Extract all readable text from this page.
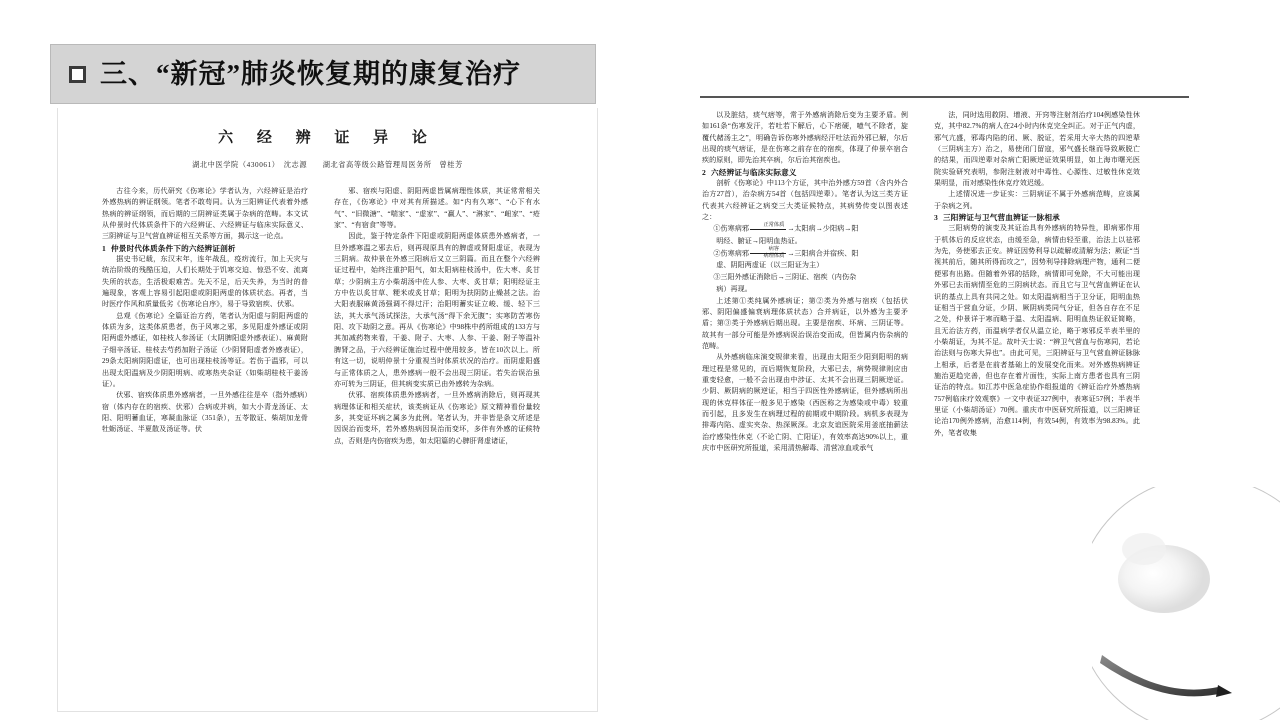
三、“新冠”肺炎恢复期的康复治疗
六 经 辨 证 异 论
湖北中医学院（430061）　沈志源　　湖北省高等级公路管理局医务所　曾桂芳

古往今来，历代研究《伤寒论》学者认为，六经辨证是治疗外感热病的辨证纲领。笔者不敢苟同。认为三阳辨证代表着外感热病的辨证纲领，而后期的三阴辨证类属于杂病的范畴。本文试从仲景时代体质条件下的六经辨证、六经辨证与临床实际意义、三阴辨证与卫气营血辨证相互关系等方面，揭示这一论点。

1 仲景时代体质条件下的六经辨证剖析

据史书记载，东汉末年，连年战乱，疫疠流行，加上天灾与统治阶级的残酷压迫，人们长期处于饥寒交迫、惊恐不安、流离失所的状态，生活极艰难苦。先天不足，后天失养，为当时的普遍现象，客观上容易引起阳虚或阴阳两虚的体质状态。再者，当时医疗作风和质量低劣《伤寒论自序》，易于导致宿疾、伏邪。

总观《伤寒论》全篇证治方药，笔者认为阳虚与阴阳两虚的体质为多，这类体质患者，伤于风寒之邪，多见阳虚外感证或阴阳两虚外感证，如桂枝人参汤证（太阴脾阳虚外感表证）、麻黄附子细辛汤证、桂枝去芍药加附子汤证（少阴肾阳虚者外感表证），29条太阳病阴阳虚证，也可出现桂枝汤等证。若伤于温邪，可以出现太阳温病及少阴阳明病、或寒热夹杂证（如柴胡桂枝干姜汤证）。

伏邪、宿疾体质患外感病者，一旦外感往往是卒（指外感病）宿（体内存在的宿疾、伏邪）合病或并病，如大小青龙汤证、太阳、阳明蓄血证，寒凝血脉证（351条），五苓散证、柴胡加龙骨牡蛎汤证、半夏散及汤证等。伏

邪、宿疾与阳虚、阴阳两虚皆属病理性体质，其证常常相关存在，《伤寒论》中对其有所描述。如“内有久寒”、“心下有水气”、“旧微溏”、“喘家”、“虚家”、“羸人”、“淋家”、“衄家”、“疮家”、“有宿食”等等。

因此，鉴于特定条件下阳虚或阴阳两虚体质患外感病者，一旦外感寒温之邪去后，则再现原具有的脾虚或肾阳虚证，表现为三阴病。故仲景在外感三阳病后又立三阴篇。而且在整个六经辨证过程中，始终注重护阳气，如太阳病桂枝汤中，佐大枣、炙甘草；少阴病主方小柴胡汤中佐人参、大枣、炙甘草；阳明经证主方中佐以炙甘草、粳米或炙甘草；阳明为扶阴防止燥甚之法。治大阳表服麻黄汤强调不得过汗；治阳明蓄实证立峻、缓、轻下三法，其大承气汤试探法，大承气汤“得下余无腹”；实寒防苦寒伤阳、攻下劫阴之意。再从《伤寒论》中98株中药所组成的133方与其加减药物来看，干姜、附子、大枣、人参、干姜、附子等温补脾肾之品，于六经辨证施治过程中使用较多，皆在10次以上。所有这一切，说明仲景十分重视当时体质状况的治疗。而阴虚阳盛与正常体质之人，患外感病一般不会出现三阴证。若失治误治虽亦可转为三阴证，但其病变实质已由外感转为杂病。

伏邪、宿疾体质患外感病者，一旦外感病消除后，则再现其病理体证和相关症状，该类病证从《伤寒论》原文精神看份量较多，其变证坏病之属多为此例。笔者认为，并非皆是条文所述是因误治而变坏，若外感热病因误治而变坏，多伴有外感的证候特点，否则是内伤宿疾为患，如太阳篇的心脾肝肾虚诸证，

以及脏结，痰气痞等，常于外感病消除后变为主要矛盾。例如161条“伤寒发汗，若吐若下解后，心下痞硬，噫气不除者，旋覆代赭汤主之”，明确告诉伤寒外感病经汗吐法而外邪已解，尔后出现的痰气痞证，是在伤寒之前存在的宿疾，体现了仲景卒宿合疾的原则，即先治其卒病，尔后治其宿疾也。

2 六经辨证与临床实际意义

剖析《伤寒论》中113个方证，其中治外感方59首（含内外合治方27首），治杂病方54首（包括四逆辈）。笔者认为这三类方证代表其六经辨证之病变三大类证候特点，其病势传变以图表述之：

①伤寒病邪
正常体质

→ 太阳病→少阳病→阳

明经、腑证→阳明血热证。

②伤寒病邪 $\frac{\text{病客}}{\text{病理体质}}$ → 三阳病合并宿疾、阳

虚、阴阳两虚证（以三阳证为主）

③三阳外感证消除后→三阴证、宿疾（内伤杂

病）再现。

上述第①类纯属外感病证；第②类为外感与宿疾（包括伏邪、阴阳偏盛偏衰病理体质状态）合并病证，以外感为主要矛盾；第③类于外感病后期出现。主要是宿疾、坏病、三阴证等。故其有一部分可能是外感病误治误治变而成，但皆属内伤杂病的范畴。

从外感病临床演变规律来看，出现由太阳至少阳到阳明的病理过程是常见的，而后期恢复阶段，大邪已去，病势规律则应由重变轻愈，一般不会出现由中涉证、太其不会出现三阴厥逆证。少阴、厥阴病的厥逆证，相当于四医性外感病证，但外感病所出现的休克样体征一般多见于感染（西医称之为感染或中毒）较重而引起，且多发生在病理过程的前期或中期阶段。病机多表现为排毒内陷、虚实夹杂、热深厥深。北京友谊医院采用釜底抽薪法治疗感染性休克（不论亡阴、亡阳证），有效率高达90%以上，重庆市中医研究所报道，采用清热解毒、清营凉血或承气

法，同时选用救阴、增液、开窍等注射剂治疗104例感染性休克，其中82.7%的病人在24小时内休克完全纠正。对于正气内虚，邪气亢盛，邪毒内陷的闭、厥、脱证，若采用大辛大热的四逆辈（三阴病主方）治之，易使闭门留寇，邪气盛长继而导致厥脱亡的结果，而四逆辈对杂病亡阳厥逆证效果明显，如上海市曙光医院实验研究表明，参附注射液对中毒性、心源性、过敏性休克效果明显，而对感染性休克疗效迟缓。

上述情况进一步证实：三阴病证不属于外感病范畴，应该属于杂病之列。

3 三阳辨证与卫气营血辨证一脉相承

三阳病势的演变及其证治具有外感病的特异性，即病邪作用于机体后的反应状态，由缓至急，病情由轻至重，治法上以祛邪为先，务使邪去正安。辨证因势利导以疏解或清解为法；厥证“当视其前后，随其所得而攻之”，因势利导排除病理产物，通利二便便邪有出路。但随着外邪的括除，病情即可免除，不大可能出现外邪已去而病情至危的三阴病状态。而且它与卫气营血辨证在认识的基点上具有共同之处。如太阳温病相当于卫分证，阳明血热证相当于营血分证，少阴、厥阴病类同气分证，但各自存在不足之处，仲景详于寒而略于温、太阳温病、阳明血热证叙证简略，且无治法方药，而温病学者仅从温立论，略于寒邪反半表半里的小柴胡证，为其不足。故叶天士说：“辨卫气营血与伤寒同，若论治法则与伤寒大异也”。由此可见，三阳辨证与卫气营血辨证脉脉上相承，后者是在前者基础上的发展变化而来。对外感热病辨证施治更趋完善，但也存在着片面性，实际上南方患者也具有三阴证治的特点。如江苏中医急症协作组报道的《辨证治疗外感热病757例临床疗效观察》一文中表证327例中，表寒证57例；半表半里证（小柴胡汤证）70例。重庆市中医研究所报道，以三阳辨证论治170例外感病，治愈114例，有效54例，有效率为98.83%。此外，笔者收集
